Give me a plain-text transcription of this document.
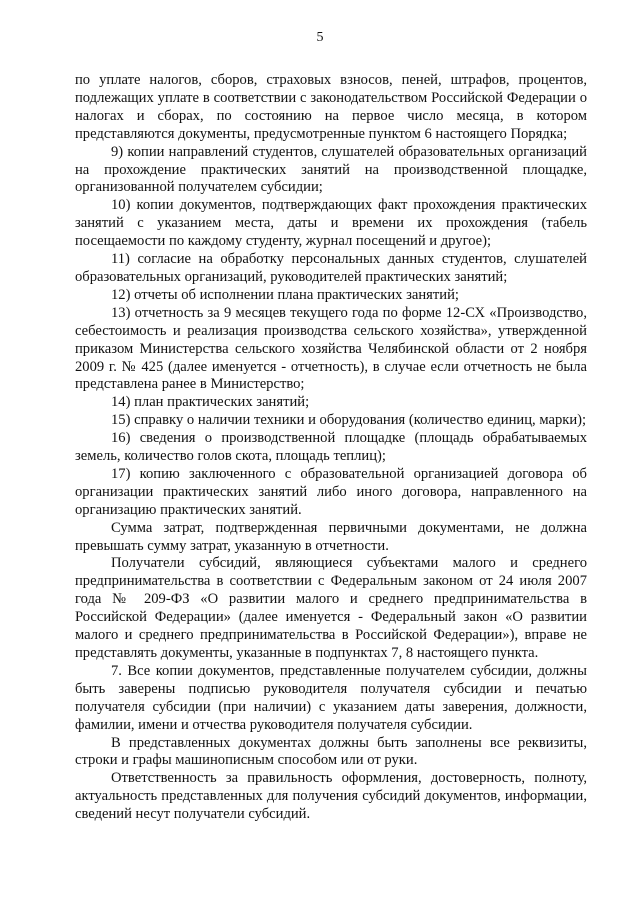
5

по уплате налогов, сборов, страховых взносов, пеней, штрафов, процентов, подлежащих уплате в соответствии с законодательством Российской Федерации о налогах и сборах, по состоянию на первое число месяца, в котором представляются документы, предусмотренные пунктом 6 настоящего Порядка;

9) копии направлений студентов, слушателей образовательных организаций на прохождение практических занятий на производственной площадке, организованной получателем субсидии;

10) копии документов, подтверждающих факт прохождения практических занятий с указанием места, даты и времени их прохождения (табель посещаемости по каждому студенту, журнал посещений и другое);

11) согласие на обработку персональных данных студентов, слушателей образовательных организаций, руководителей практических занятий;

12) отчеты об исполнении плана практических занятий;

13) отчетность за 9 месяцев текущего года по форме 12-СХ «Производство, себестоимость и реализация производства сельского хозяйства», утвержденной приказом Министерства сельского хозяйства Челябинской области от 2 ноября 2009 г. № 425 (далее именуется - отчетность), в случае если отчетность не была представлена ранее в Министерство;

14) план практических занятий;

15) справку о наличии техники и оборудования (количество единиц, марки);

16) сведения о производственной площадке (площадь обрабатываемых земель, количество голов скота, площадь теплиц);

17) копию заключенного с образовательной организацией договора об организации практических занятий либо иного договора, направленного на организацию практических занятий.

Сумма затрат, подтвержденная первичными документами, не должна превышать сумму затрат, указанную в отчетности.

Получатели субсидий, являющиеся субъектами малого и среднего предпринимательства в соответствии с Федеральным законом от 24 июля 2007 года № 209-ФЗ «О развитии малого и среднего предпринимательства в Российской Федерации» (далее именуется - Федеральный закон «О развитии малого и среднего предпринимательства в Российской Федерации»), вправе не представлять документы, указанные в подпунктах 7, 8 настоящего пункта.

7. Все копии документов, представленные получателем субсидии, должны быть заверены подписью руководителя получателя субсидии и печатью получателя субсидии (при наличии) с указанием даты заверения, должности, фамилии, имени и отчества руководителя получателя субсидии.

В представленных документах должны быть заполнены все реквизиты, строки и графы машинописным способом или от руки.

Ответственность за правильность оформления, достоверность, полноту, актуальность представленных для получения субсидий документов, информации, сведений несут получатели субсидий.
